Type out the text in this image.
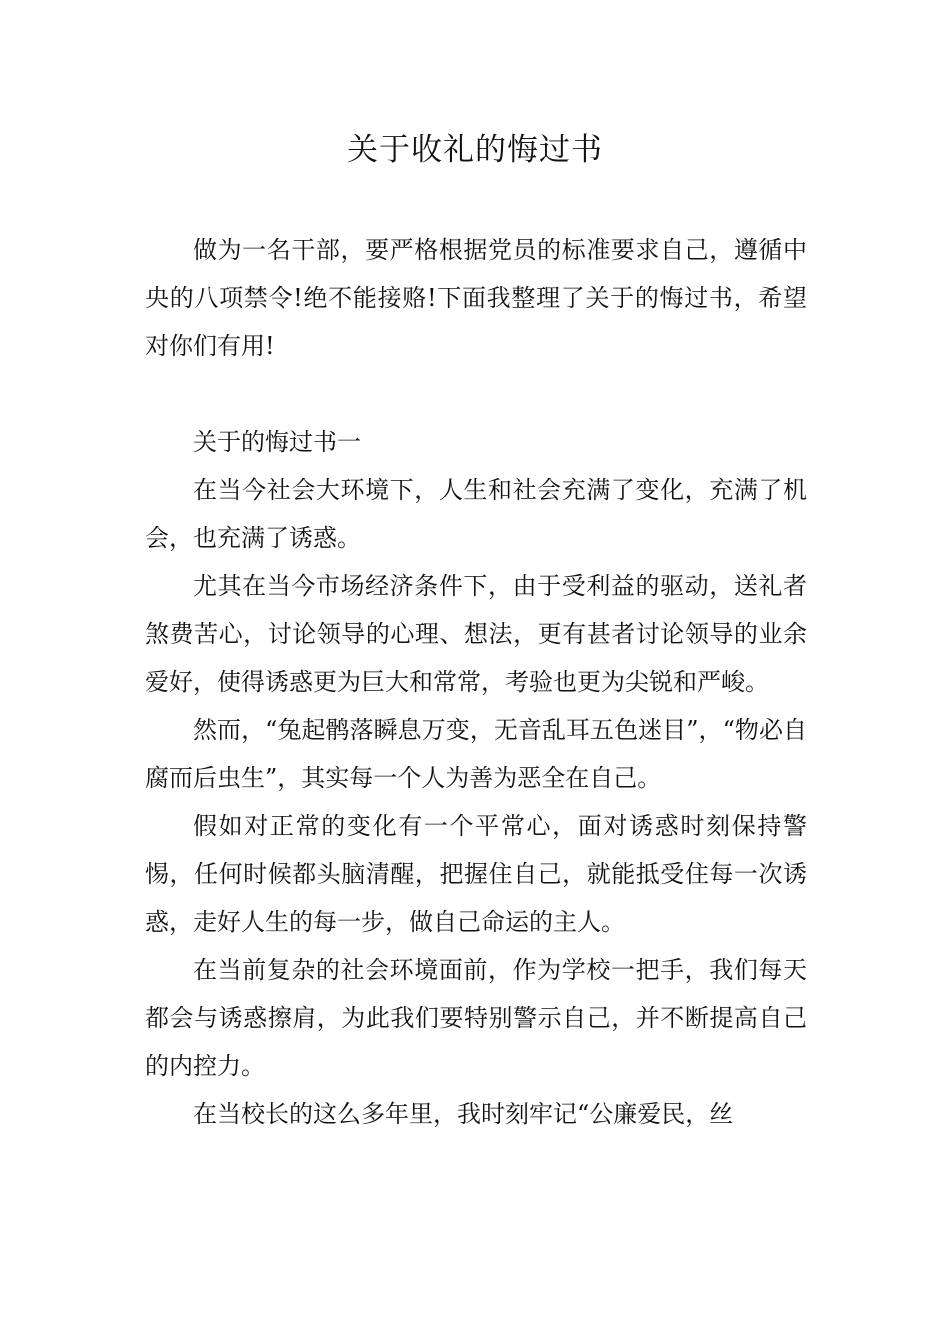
关于收礼的悔过书

做为一名干部，要严格根据党员的标准要求自己，遵循中央的八项禁令!绝不能接赂!下面我整理了关于的悔过书，希望对你们有用!

关于的悔过书一

在当今社会大环境下，人生和社会充满了变化，充满了机会，也充满了诱惑。

尤其在当今市场经济条件下，由于受利益的驱动，送礼者煞费苦心，讨论领导的心理、想法，更有甚者讨论领导的业余爱好，使得诱惑更为巨大和常常，考验也更为尖锐和严峻。

然而，“兔起鹘落瞬息万变，无音乱耳五色迷目”，“物必自腐而后虫生”，其实每一个人为善为恶全在自己。

假如对正常的变化有一个平常心，面对诱惑时刻保持警惕，任何时候都头脑清醒，把握住自己，就能抵受住每一次诱惑，走好人生的每一步，做自己命运的主人。

在当前复杂的社会环境面前，作为学校一把手，我们每天都会与诱惑擦肩，为此我们要特别警示自己，并不断提高自己的内控力。

在当校长的这么多年里，我时刻牢记“公廉爱民，丝
